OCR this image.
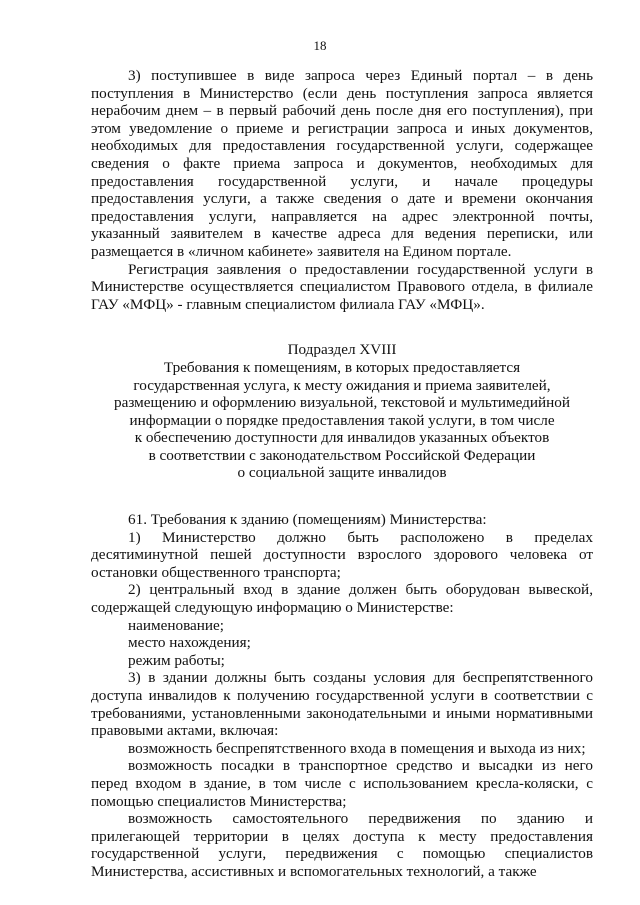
18

3) поступившее в виде запроса через Единый портал – в день поступления в Министерство (если день поступления запроса является нерабочим днем – в первый рабочий день после дня его поступления), при этом уведомление о приеме и регистрации запроса и иных документов, необходимых для предоставления государственной услуги, содержащее сведения о факте приема запроса и документов, необходимых для предоставления государственной услуги, и начале процедуры предоставления услуги, а также сведения о дате и времени окончания предоставления услуги, направляется на адрес электронной почты, указанный заявителем в качестве адреса для ведения переписки, или размещается в «личном кабинете» заявителя на Едином портале.

Регистрация заявления о предоставлении государственной услуги в Министерстве осуществляется специалистом Правового отдела, в филиале ГАУ «МФЦ» - главным специалистом филиала ГАУ «МФЦ».

Подраздел XVIII
Требования к помещениям, в которых предоставляется
государственная услуга, к месту ожидания и приема заявителей,
размещению и оформлению визуальной, текстовой и мультимедийной
информации о порядке предоставления такой услуги, в том числе
к обеспечению доступности для инвалидов указанных объектов
в соответствии с законодательством Российской Федерации
о социальной защите инвалидов

61. Требования к зданию (помещениям) Министерства:

1) Министерство должно быть расположено в пределах десятиминутной пешей доступности взрослого здорового человека от остановки общественного транспорта;

2) центральный вход в здание должен быть оборудован вывеской, содержащей следующую информацию о Министерстве:

наименование;

место нахождения;

режим работы;

3) в здании должны быть созданы условия для беспрепятственного доступа инвалидов к получению государственной услуги в соответствии с требованиями, установленными законодательными и иными нормативными правовыми актами, включая:

возможность беспрепятственного входа в помещения и выхода из них;

возможность посадки в транспортное средство и высадки из него перед входом в здание, в том числе с использованием кресла-коляски, с помощью специалистов Министерства;

возможность самостоятельного передвижения по зданию и прилегающей территории в целях доступа к месту предоставления государственной услуги, передвижения с помощью специалистов Министерства, ассистивных и вспомогательных технологий, а также
